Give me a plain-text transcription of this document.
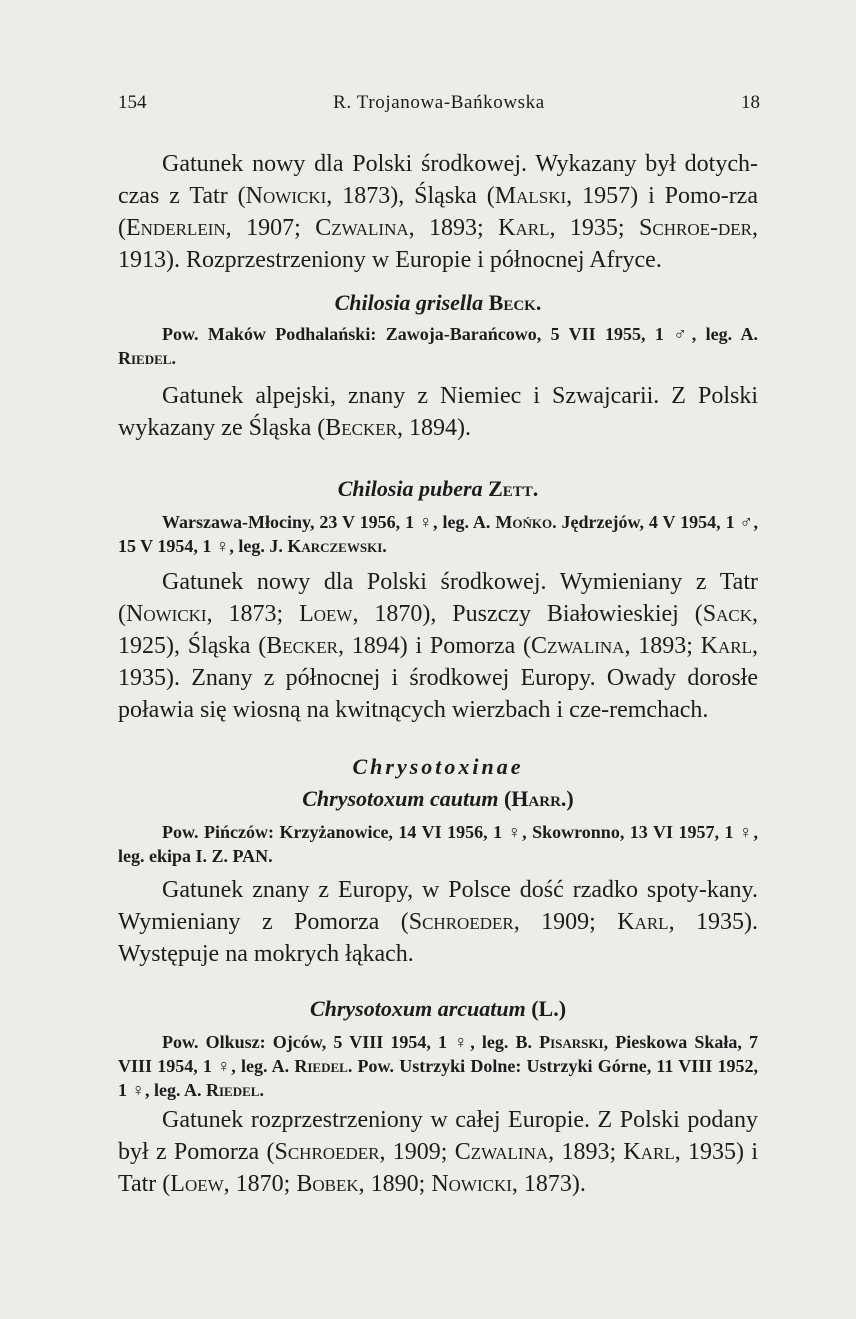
154	R. Trojanowa-Bańkowska	18

Gatunek nowy dla Polski środkowej. Wykazany był dotych-czas z Tatr (Nowicki, 1873), Śląska (Malski, 1957) i Pomo-rza (Enderlein, 1907; Czwalina, 1893; Karl, 1935; Schroe-der, 1913). Rozprzestrzeniony w Europie i północnej Afryce.

Chilosia grisella Beck.

Pow. Maków Podhalański: Zawoja-Barańcowo, 5 VII 1955, 1 ♂, leg. A. Riedel.

Gatunek alpejski, znany z Niemiec i Szwajcarii. Z Polski wykazany ze Śląska (Becker, 1894).

Chilosia pubera Zett.

Warszawa-Młociny, 23 V 1956, 1 ♀, leg. A. Mońko. Jędrzejów, 4 V 1954, 1 ♂, 15 V 1954, 1 ♀, leg. J. Karczewski.

Gatunek nowy dla Polski środkowej. Wymieniany z Tatr (Nowicki, 1873; Loew, 1870), Puszczy Białowieskiej (Sack, 1925), Śląska (Becker, 1894) i Pomorza (Czwalina, 1893; Karl, 1935). Znany z północnej i środkowej Europy. Owady dorosłe poławia się wiosną na kwitnących wierzbach i cze-remchach.

Chrysotoxinae

Chrysotoxum cautum (Harr.)

Pow. Pińczów: Krzyżanowice, 14 VI 1956, 1 ♀, Skowronno, 13 VI 1957, 1 ♀, leg. ekipa I. Z. PAN.

Gatunek znany z Europy, w Polsce dość rzadko spoty-kany. Wymieniany z Pomorza (Schroeder, 1909; Karl, 1935). Występuje na mokrych łąkach.

Chrysotoxum arcuatum (L.)

Pow. Olkusz: Ojców, 5 VIII 1954, 1 ♀, leg. B. Pisarski, Pieskowa Skała, 7 VIII 1954, 1 ♀, leg. A. Riedel. Pow. Ustrzyki Dolne: Ustrzyki Górne, 11 VIII 1952, 1 ♀, leg. A. Riedel.

Gatunek rozprzestrzeniony w całej Europie. Z Polski podany był z Pomorza (Schroeder, 1909; Czwalina, 1893; Karl, 1935) i Tatr (Loew, 1870; Bobek, 1890; Nowicki, 1873).
